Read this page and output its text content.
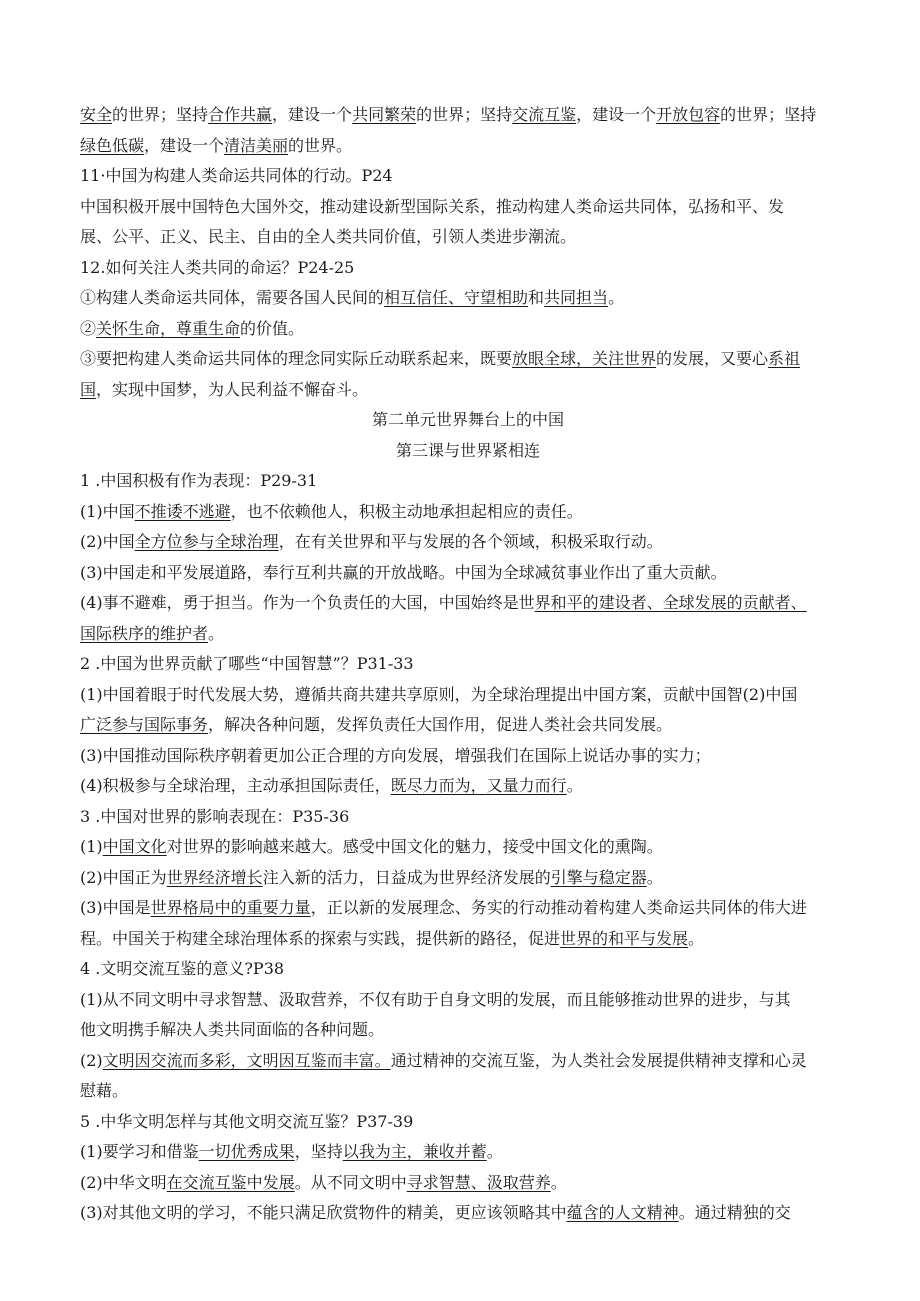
安全的世界；坚持合作共赢，建设一个共同繁荣的世界；坚持交流互鉴，建设一个开放包容的世界；坚持
绿色低碳，建设一个清洁美丽的世界。
11·中国为构建人类命运共同体的行动。P24
中国积极开展中国特色大国外交，推动建设新型国际关系，推动构建人类命运共同体，弘扬和平、发
展、公平、正义、民主、自由的全人类共同价值，引领人类进步潮流。
12.如何关注人类共同的命运？P24-25
①构建人类命运共同体，需要各国人民间的相互信任、守望相助和共同担当。
②关怀生命，尊重生命的价值。
③要把构建人类命运共同体的理念同实际丘动联系起来，既要放眼全球，关注世界的发展，又要心系祖
国，实现中国梦，为人民利益不懈奋斗。
第二单元世界舞台上的中国
第三课与世界紧相连
1 .中国积极有作为表现：P29-31
(1)中国不推诿不逃避，也不依赖他人，积极主动地承担起相应的责任。
(2)中国全方位参与全球治理，在有关世界和平与发展的各个领域，积极采取行动。
(3)中国走和平发展道路，奉行互利共赢的开放战略。中国为全球减贫事业作出了重大贡献。
(4)事不避难，勇于担当。作为一个负责任的大国，中国始终是世界和平的建设者、全球发展的贡献者、
国际秩序的维护者。
2 .中国为世界贡献了哪些“中国智慧”？P31-33
(1)中国着眼于时代发展大势，遵循共商共建共享原则，为全球治理提出中国方案，贡献中国智(2)中国
广泛参与国际事务，解决各种问题，发挥负责任大国作用，促进人类社会共同发展。
(3)中国推动国际秩序朝着更加公正合理的方向发展，增强我们在国际上说话办事的实力；
(4)积极参与全球治理，主动承担国际责任，既尽力而为，又量力而行。
3 .中国对世界的影响表现在：P35-36
(1)中国文化对世界的影响越来越大。感受中国文化的魅力，接受中国文化的熏陶。
(2)中国正为世界经济增长注入新的活力，日益成为世界经济发展的引擎与稳定器。
(3)中国是世界格局中的重要力量，正以新的发展理念、务实的行动推动着构建人类命运共同体的伟大进
程。中国关于构建全球治理体系的探索与实践，提供新的路径，促进世界的和平与发展。
4 .文明交流互鉴的意义?P38
(1)从不同文明中寻求智慧、汲取营养，不仅有助于自身文明的发展，而且能够推动世界的进步，与其
他文明携手解决人类共同面临的各种问题。
(2)文明因交流而多彩，文明因互鉴而丰富。通过精神的交流互鉴，为人类社会发展提供精神支撑和心灵
慰藉。
5 .中华文明怎样与其他文明交流互鉴？P37-39
(1)要学习和借鉴一切优秀成果，坚持以我为主，兼收并蓄。
(2)中华文明在交流互鉴中发展。从不同文明中寻求智慧、汲取营养。
(3)对其他文明的学习，不能只满足欣赏物件的精美，更应该领略其中蕴含的人文精神。通过精独的交
